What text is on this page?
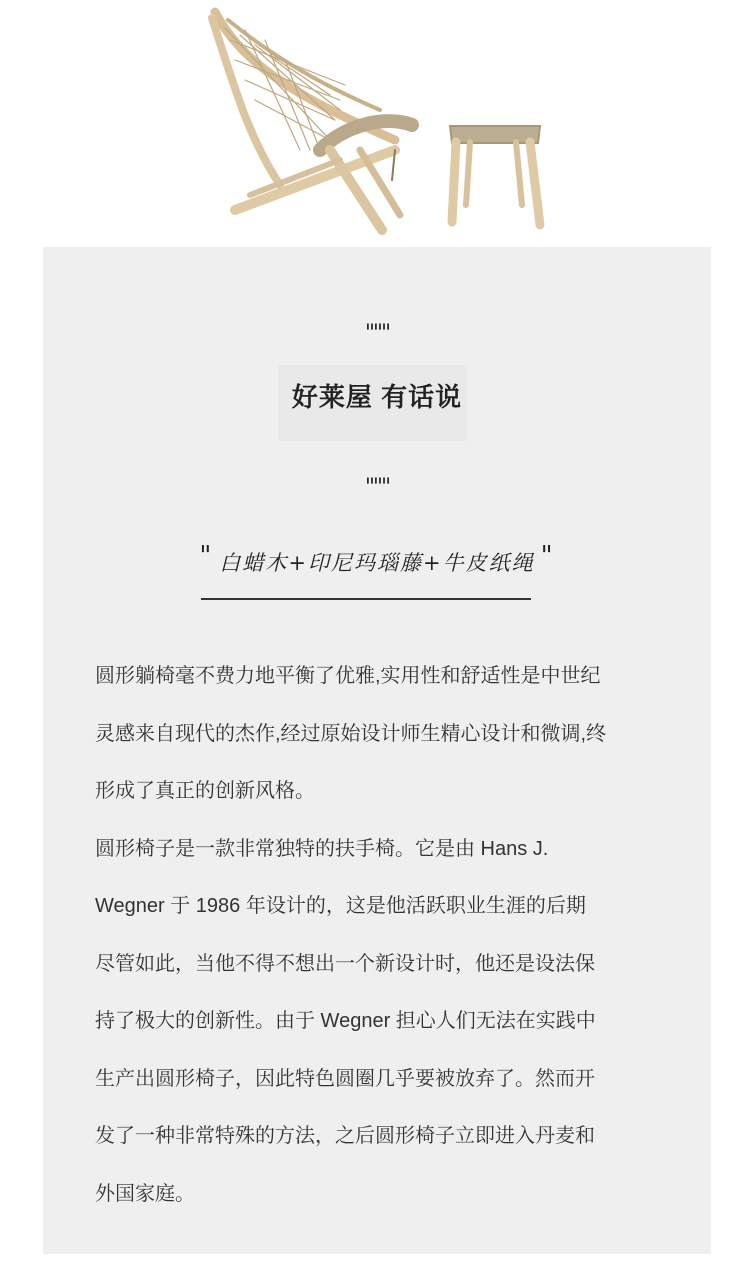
"""
好莱屋 有话说
"""
" 白蜡木+印尼玛瑙藤+牛皮纸绳 "
圆形躺椅毫不费力地平衡了优雅,实用性和舒适性是中世纪
灵感来自现代的杰作,经过原始设计师生精心设计和微调,终
形成了真正的创新风格。
圆形椅子是一款非常独特的扶手椅。它是由 Hans J.
Wegner 于 1986 年设计的，这是他活跃职业生涯的后期
尽管如此，当他不得不想出一个新设计时，他还是设法保
持了极大的创新性。由于 Wegner 担心人们无法在实践中
生产出圆形椅子，因此特色圆圈几乎要被放弃了。然而开
发了一种非常特殊的方法，之后圆形椅子立即进入丹麦和
外国家庭。
